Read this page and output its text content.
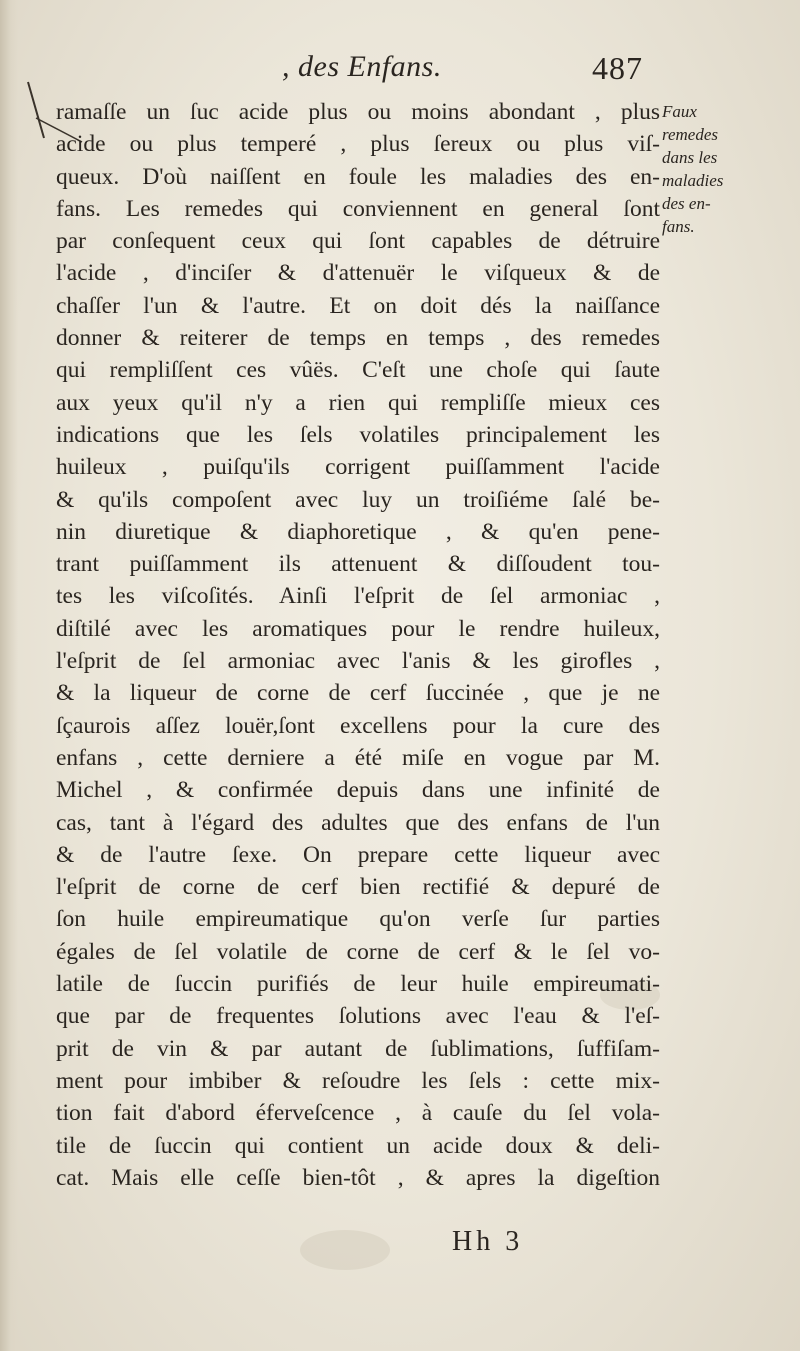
, des Enfans.	487
ramaſſe un ſuc acide plus ou moins abondant , plus
acide ou plus temperé , plus ſereux ou plus viſ-
queux. D'où naiſſent en foule les maladies des en-
fans. Les remedes qui conviennent en general ſont
par conſequent ceux qui ſont capables de détruire
l'acide , d'inciſer & d'attenuër le viſqueux & de
chaſſer l'un & l'autre. Et on doit dés la naiſſance
donner & reiterer de temps en temps , des remedes
qui rempliſſent ces vûës. C'eſt une choſe qui ſaute
aux yeux qu'il n'y a rien qui rempliſſe mieux ces
indications que les ſels volatiles principalement les
huileux , puiſqu'ils corrigent puiſſamment l'acide
& qu'ils compoſent avec luy un troiſiéme ſalé be-
nin diuretique & diaphoretique , & qu'en pene-
trant puiſſamment ils attenuent & diſſoudent tou-
tes les viſcoſités. Ainſi l'eſprit de ſel armoniac ,
diſtilé avec les aromatiques pour le rendre huileux,
l'eſprit de ſel armoniac avec l'anis & les girofles ,
& la liqueur de corne de cerf ſuccinée , que je ne
ſçaurois aſſez louër,ſont excellens pour la cure des
enfans , cette derniere a été miſe en vogue par M.
Michel , & confirmée depuis dans une infinité de
cas, tant à l'égard des adultes que des enfans de l'un
& de l'autre ſexe. On prepare cette liqueur avec
l'eſprit de corne de cerf bien rectifié & depuré de
ſon huile empireumatique qu'on verſe ſur parties
égales de ſel volatile de corne de cerf & le ſel vo-
latile de ſuccin purifiés de leur huile empireumati-
que par de frequentes ſolutions avec l'eau & l'eſ-
prit de vin & par autant de ſublimations, ſuffiſam-
ment pour imbiber & reſoudre les ſels : cette mix-
tion fait d'abord éferveſcence , à cauſe du ſel vola-
tile de ſuccin qui contient un acide doux & deli-
cat. Mais elle ceſſe bien-tôt , & apres la digeſtion
Faux
remedes
dans les
maladies
des en-
fans.
Hh 3
